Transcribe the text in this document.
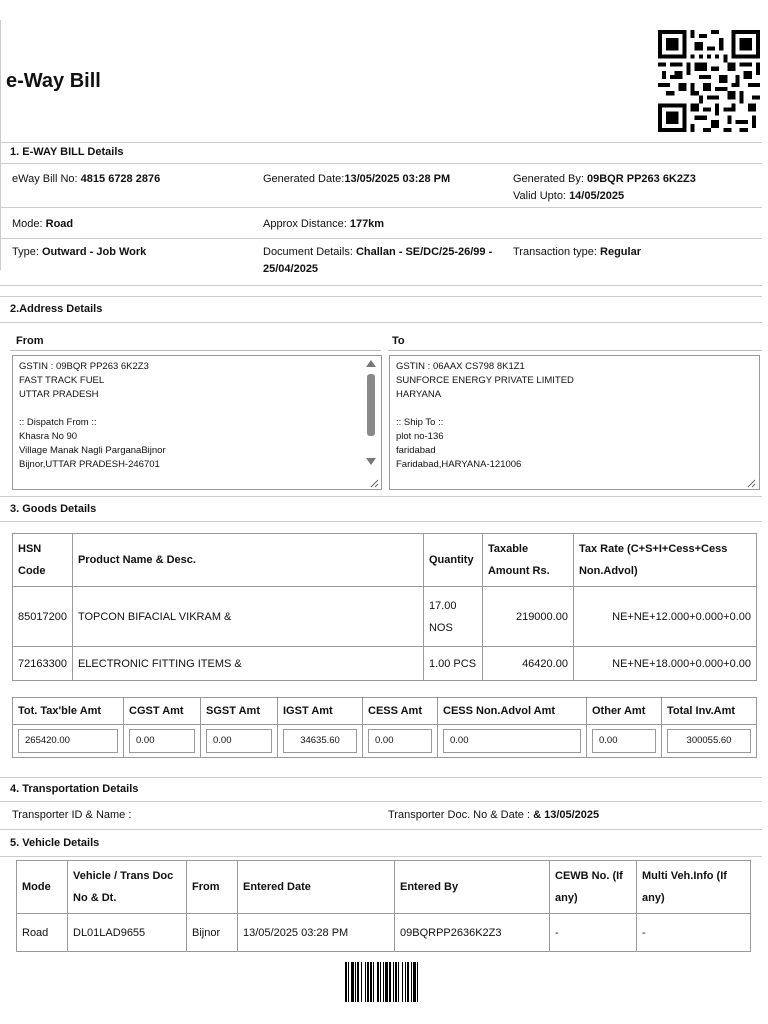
e-Way Bill
1. E-WAY BILL Details
eWay Bill No: 4815 6728 2876	Generated Date:13/05/2025 03:28 PM	Generated By: 09BQR PP263 6K2Z3
Valid Upto: 14/05/2025
Mode: Road	Approx Distance: 177km
Type: Outward - Job Work	Document Details: Challan - SE/DC/25-26/99 -
25/04/2025
Transaction type: Regular
2.Address Details
From	To
GSTIN : 09BQR PP263 6K2Z3
FAST TRACK FUEL
UTTAR PRADESH

:: Dispatch From ::
Khasra No 90
Village Manak Nagli ParganaBijnor
Bijnor,UTTAR PRADESH-246701
GSTIN : 06AAX CS798 8K1Z1
SUNFORCE ENERGY PRIVATE LIMITED
HARYANA

:: Ship To ::
plot no-136
faridabad
Faridabad,HARYANA-121006
3. Goods Details
HSN Code	Product Name & Desc.	Quantity	Taxable Amount Rs.	Tax Rate (C+S+I+Cess+Cess Non.Advol)
85017200	TOPCON BIFACIAL VIKRAM &	17.00 NOS	219000.00	NE+NE+12.000+0.000+0.00
72163300	ELECTRONIC FITTING ITEMS &	1.00 PCS	46420.00	NE+NE+18.000+0.000+0.00
Tot. Tax'ble Amt	CGST Amt	SGST Amt	IGST Amt	CESS Amt	CESS Non.Advol Amt	Other Amt	Total Inv.Amt

265420.00	0.00	0.00	34635.60	0.00	0.00	0.00	300055.60
4. Transportation Details
Transporter ID & Name :	Transporter Doc. No & Date : & 13/05/2025
5. Vehicle Details
Mode	Vehicle / Trans Doc No & Dt.	From	Entered Date	Entered By	CEWB No. (If any)	Multi Veh.Info (If any)
Road	DL01LAD9655	Bijnor	13/05/2025 03:28 PM	09BQRPP2636K2Z3	-	-
